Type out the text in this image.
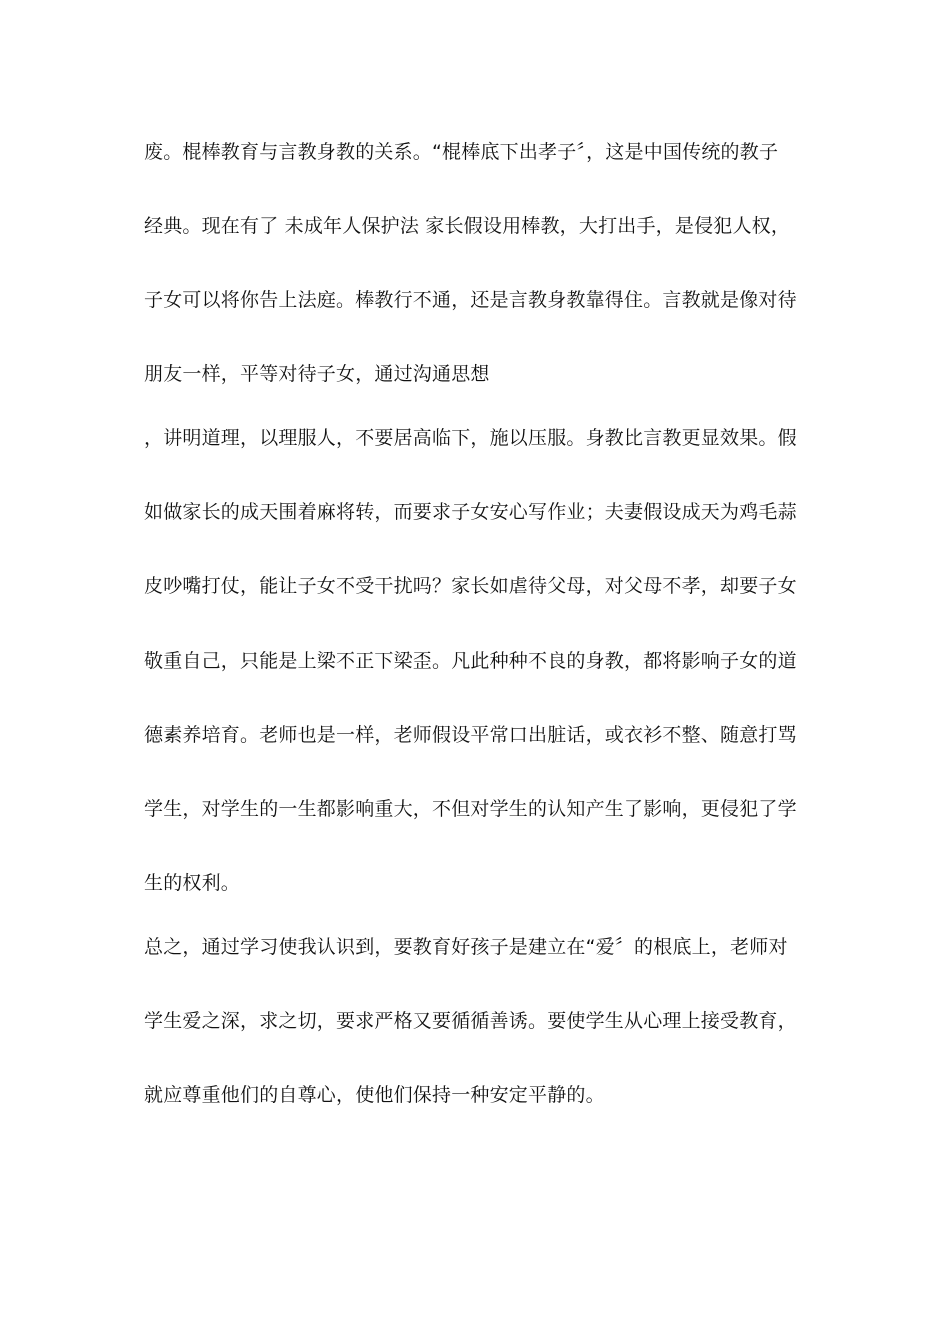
废。棍棒教育与言教身教的关系。“棍棒底下出孝子〞，这是中国传统的教子
经典。现在有了 未成年人保护法 家长假设用棒教，大打出手，是侵犯人权，
子女可以将你告上法庭。棒教行不通，还是言教身教靠得住。言教就是像对待
朋友一样，平等对待子女，通过沟通思想
，讲明道理，以理服人，不要居高临下，施以压服。身教比言教更显效果。假
如做家长的成天围着麻将转，而要求子女安心写作业；夫妻假设成天为鸡毛蒜
皮吵嘴打仗，能让子女不受干扰吗？家长如虐待父母，对父母不孝，却要子女
敬重自己，只能是上梁不正下梁歪。凡此种种不良的身教，都将影响子女的道
德素养培育。老师也是一样，老师假设平常口出脏话，或衣衫不整、随意打骂
学生，对学生的一生都影响重大，不但对学生的认知产生了影响，更侵犯了学
生的权利。
总之，通过学习使我认识到，要教育好孩子是建立在“爱〞的根底上，老师对
学生爱之深，求之切，要求严格又要循循善诱。要使学生从心理上接受教育，
就应尊重他们的自尊心，使他们保持一种安定平静的。
